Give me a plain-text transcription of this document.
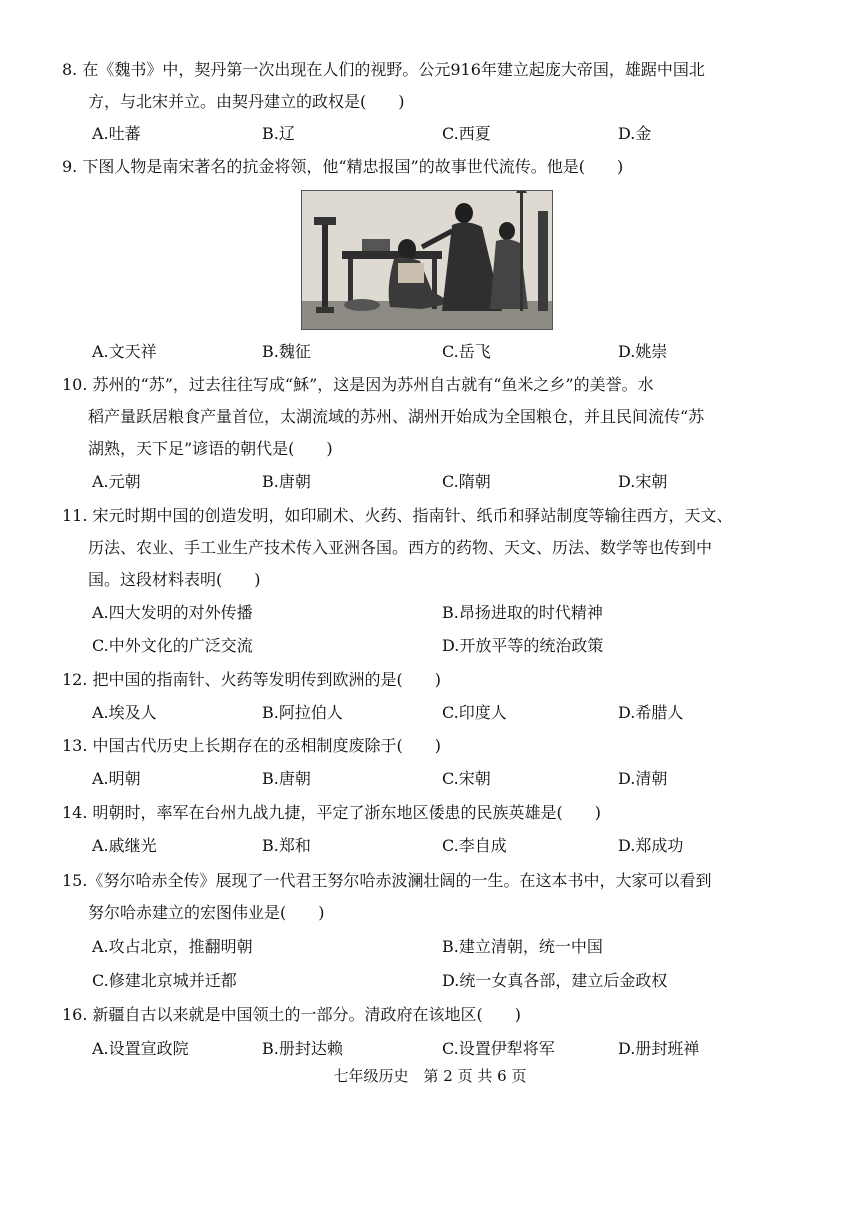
8. 在《魏书》中，契丹第一次出现在人们的视野。公元916年建立起庞大帝国，雄踞中国北
方，与北宋并立。由契丹建立的政权是(　　)
A.吐蕃	B.辽	C.西夏	D.金
9. 下图人物是南宋著名的抗金将领，他“精忠报国”的故事世代流传。他是(　　)
A.文天祥	B.魏征	C.岳飞	D.姚崇
10. 苏州的“苏”，过去往往写成“穌”，这是因为苏州自古就有“鱼米之乡”的美誉。水
稻产量跃居粮食产量首位，太湖流域的苏州、湖州开始成为全国粮仓，并且民间流传“苏
湖熟，天下足”谚语的朝代是(　　)
A.元朝	B.唐朝	C.隋朝	D.宋朝
11. 宋元时期中国的创造发明，如印刷术、火药、指南针、纸币和驿站制度等输往西方，天文、
历法、农业、手工业生产技术传入亚洲各国。西方的药物、天文、历法、数学等也传到中
国。这段材料表明(　　)
A.四大发明的对外传播	B.昂扬进取的时代精神
C.中外文化的广泛交流	D.开放平等的统治政策
12. 把中国的指南针、火药等发明传到欧洲的是(　　)
A.埃及人	B.阿拉伯人	C.印度人	D.希腊人
13. 中国古代历史上长期存在的丞相制度废除于(　　)
A.明朝	B.唐朝	C.宋朝	D.清朝
14. 明朝时，率军在台州九战九捷，平定了浙东地区倭患的民族英雄是(　　)
A.戚继光	B.郑和	C.李自成	D.郑成功
15.《努尔哈赤全传》展现了一代君王努尔哈赤波澜壮阔的一生。在这本书中，大家可以看到
努尔哈赤建立的宏图伟业是(　　)
A.攻占北京，推翻明朝	B.建立清朝，统一中国
C.修建北京城并迁都	D.统一女真各部，建立后金政权
16. 新疆自古以来就是中国领土的一部分。清政府在该地区(　　)
A.设置宣政院	B.册封达赖	C.设置伊犁将军	D.册封班禅
七年级历史　第 2 页 共 6 页
